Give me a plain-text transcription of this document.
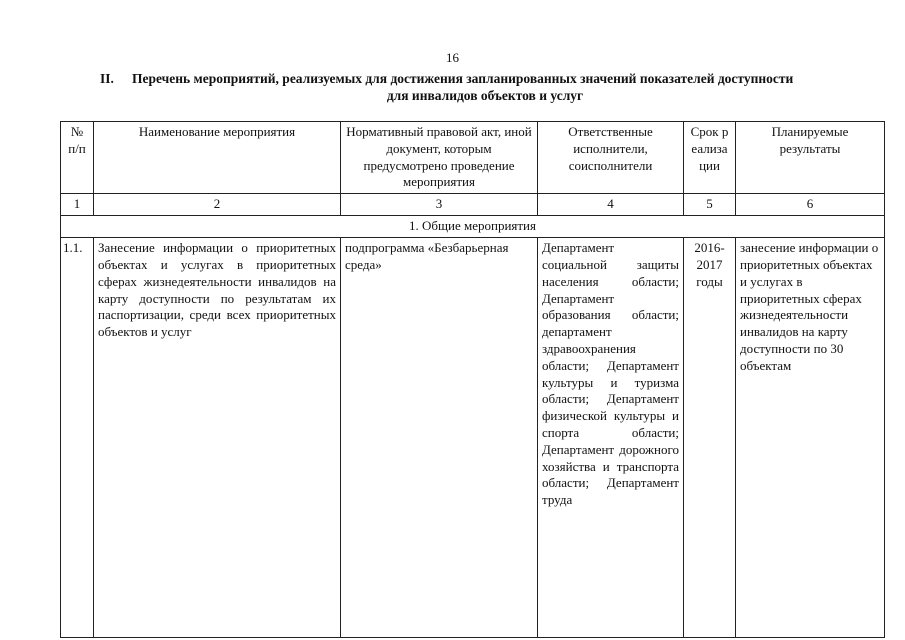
16
II. Перечень мероприятий, реализуемых для достижения запланированных значений показателей доступности
для инвалидов объектов и услуг
№ п/п	Наименование мероприятия	Нормативный правовой акт, иной документ, которым предусмотрено проведение мероприятия	Ответственные исполнители, соисполнители	Срок реализации	Планируемые результаты
1	2	3	4	5	6
1. Общие мероприятия					
1.1.	Занесение информации о приоритетных объектах и услугах в приоритетных сферах жизнедеятельности инвалидов на карту доступности по результатам их паспортизации, среди всех приоритетных объектов и услуг	подпрограмма «Безбарьерная среда»	Департамент социальной защиты населения области; Департамент образования области; департамент здравоохранения области; Департамент культуры и туризма области; Департамент физической культуры и спорта области; Департамент дорожного хозяйства и транспорта области; Департамент труда	2016-2017 годы	занесение информации о приоритетных объектах и услугах в приоритетных сферах жизнедеятельности инвалидов на карту доступности по 30 объектам
